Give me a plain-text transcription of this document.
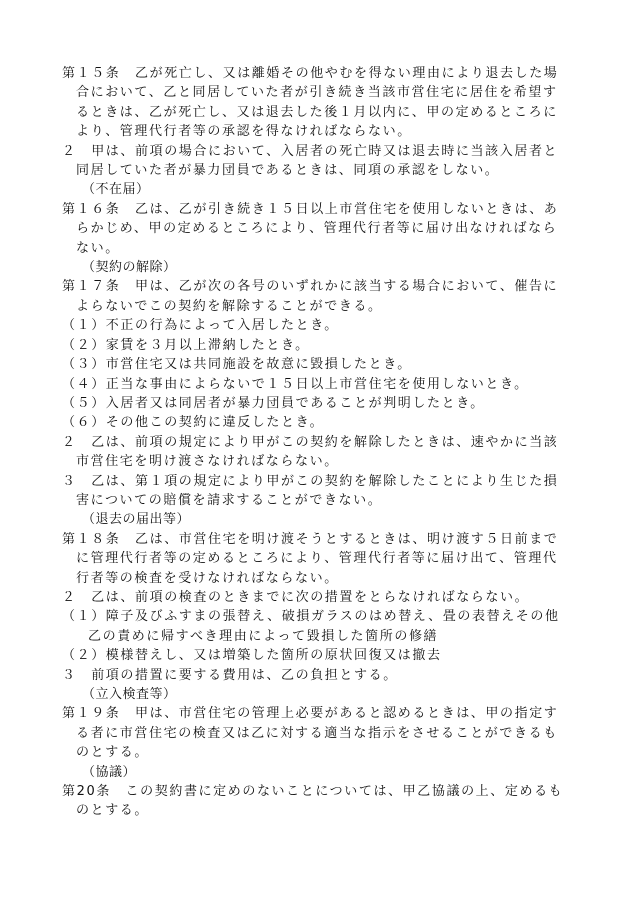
第１５条　乙が死亡し、又は離婚その他やむを得ない理由により退去した場
合において、乙と同居していた者が引き続き当該市営住宅に居住を希望す
るときは、乙が死亡し、又は退去した後１月以内に、甲の定めるところに
より、管理代行者等の承認を得なければならない。
２　甲は、前項の場合において、入居者の死亡時又は退去時に当該入居者と
同居していた者が暴力団員であるときは、同項の承認をしない。
（不在届）
第１６条　乙は、乙が引き続き１５日以上市営住宅を使用しないときは、あ
らかじめ、甲の定めるところにより、管理代行者等に届け出なければなら
ない。
（契約の解除）
第１７条　甲は、乙が次の各号のいずれかに該当する場合において、催告に
よらないでこの契約を解除することができる。
（１）不正の行為によって入居したとき。
（２）家賃を３月以上滞納したとき。
（３）市営住宅又は共同施設を故意に毀損したとき。
（４）正当な事由によらないで１５日以上市営住宅を使用しないとき。
（５）入居者又は同居者が暴力団員であることが判明したとき。
（６）その他この契約に違反したとき。
２　乙は、前項の規定により甲がこの契約を解除したときは、速やかに当該
市営住宅を明け渡さなければならない。
３　乙は、第１項の規定により甲がこの契約を解除したことにより生じた損
害についての賠償を請求することができない。
（退去の届出等）
第１８条　乙は、市営住宅を明け渡そうとするときは、明け渡す５日前まで
に管理代行者等の定めるところにより、管理代行者等に届け出て、管理代
行者等の検査を受けなければならない。
２　乙は、前項の検査のときまでに次の措置をとらなければならない。
（１）障子及びふすまの張替え、破損ガラスのはめ替え、畳の表替えその他
乙の責めに帰すべき理由によって毀損した箇所の修繕
（２）模様替えし、又は増築した箇所の原状回復又は撤去
３　前項の措置に要する費用は、乙の負担とする。
（立入検査等）
第１９条　甲は、市営住宅の管理上必要があると認めるときは、甲の指定す
る者に市営住宅の検査又は乙に対する適当な指示をさせることができるも
のとする。
（協議）
第20条　この契約書に定めのないことについては、甲乙協議の上、定めるも
のとする。
